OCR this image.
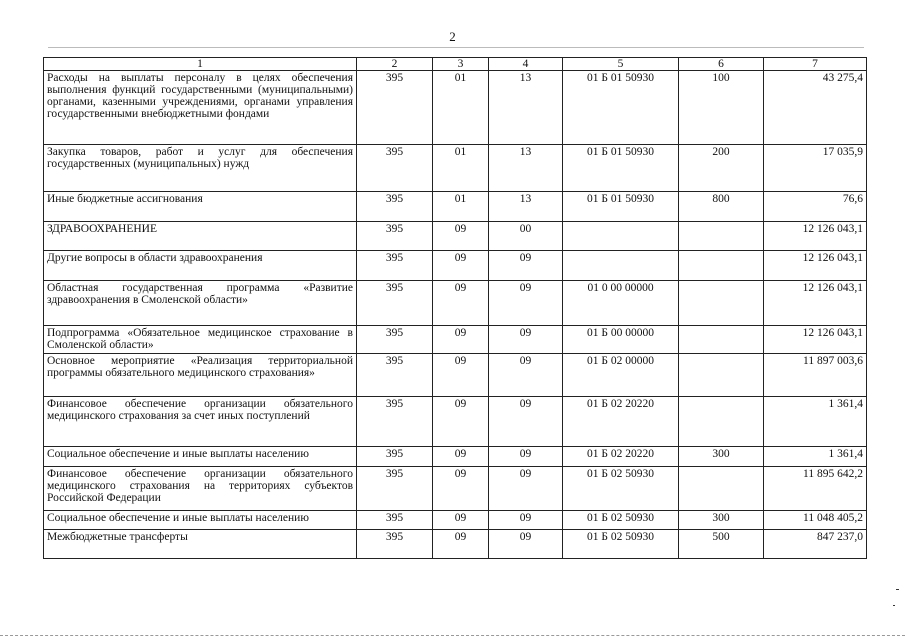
2
1	2	3	4	5	6	7
Расходы на выплаты персоналу в целях обеспечения выполнения функций государственными (муниципальными) органами, казенными учреждениями, органами управления государственными внебюджетными фондами	395	01	13	01 Б 01 50930	100	43 275,4
Закупка товаров, работ и услуг для обеспечения государственных (муниципальных) нужд	395	01	13	01 Б 01 50930	200	17 035,9
Иные бюджетные ассигнования	395	01	13	01 Б 01 50930	800	76,6
ЗДРАВООХРАНЕНИЕ	395	09	00			12 126 043,1
Другие вопросы в области здравоохранения	395	09	09			12 126 043,1
Областная государственная программа «Развитие здравоохранения в Смоленской области»	395	09	09	01 0 00 00000		12 126 043,1
Подпрограмма «Обязательное медицинское страхование в Смоленской области»	395	09	09	01 Б 00 00000		12 126 043,1
Основное мероприятие «Реализация территориальной программы обязательного медицинского страхования»	395	09	09	01 Б 02 00000		11 897 003,6
Финансовое обеспечение организации обязательного медицинского страхования за счет иных поступлений	395	09	09	01 Б 02 20220		1 361,4
Социальное обеспечение и иные выплаты населению	395	09	09	01 Б 02 20220	300	1 361,4
Финансовое обеспечение организации обязательного медицинского страхования на территориях субъектов Российской Федерации	395	09	09	01 Б 02 50930		11 895 642,2
Социальное обеспечение и иные выплаты населению	395	09	09	01 Б 02 50930	300	11 048 405,2
Межбюджетные трансферты	395	09	09	01 Б 02 50930	500	847 237,0
